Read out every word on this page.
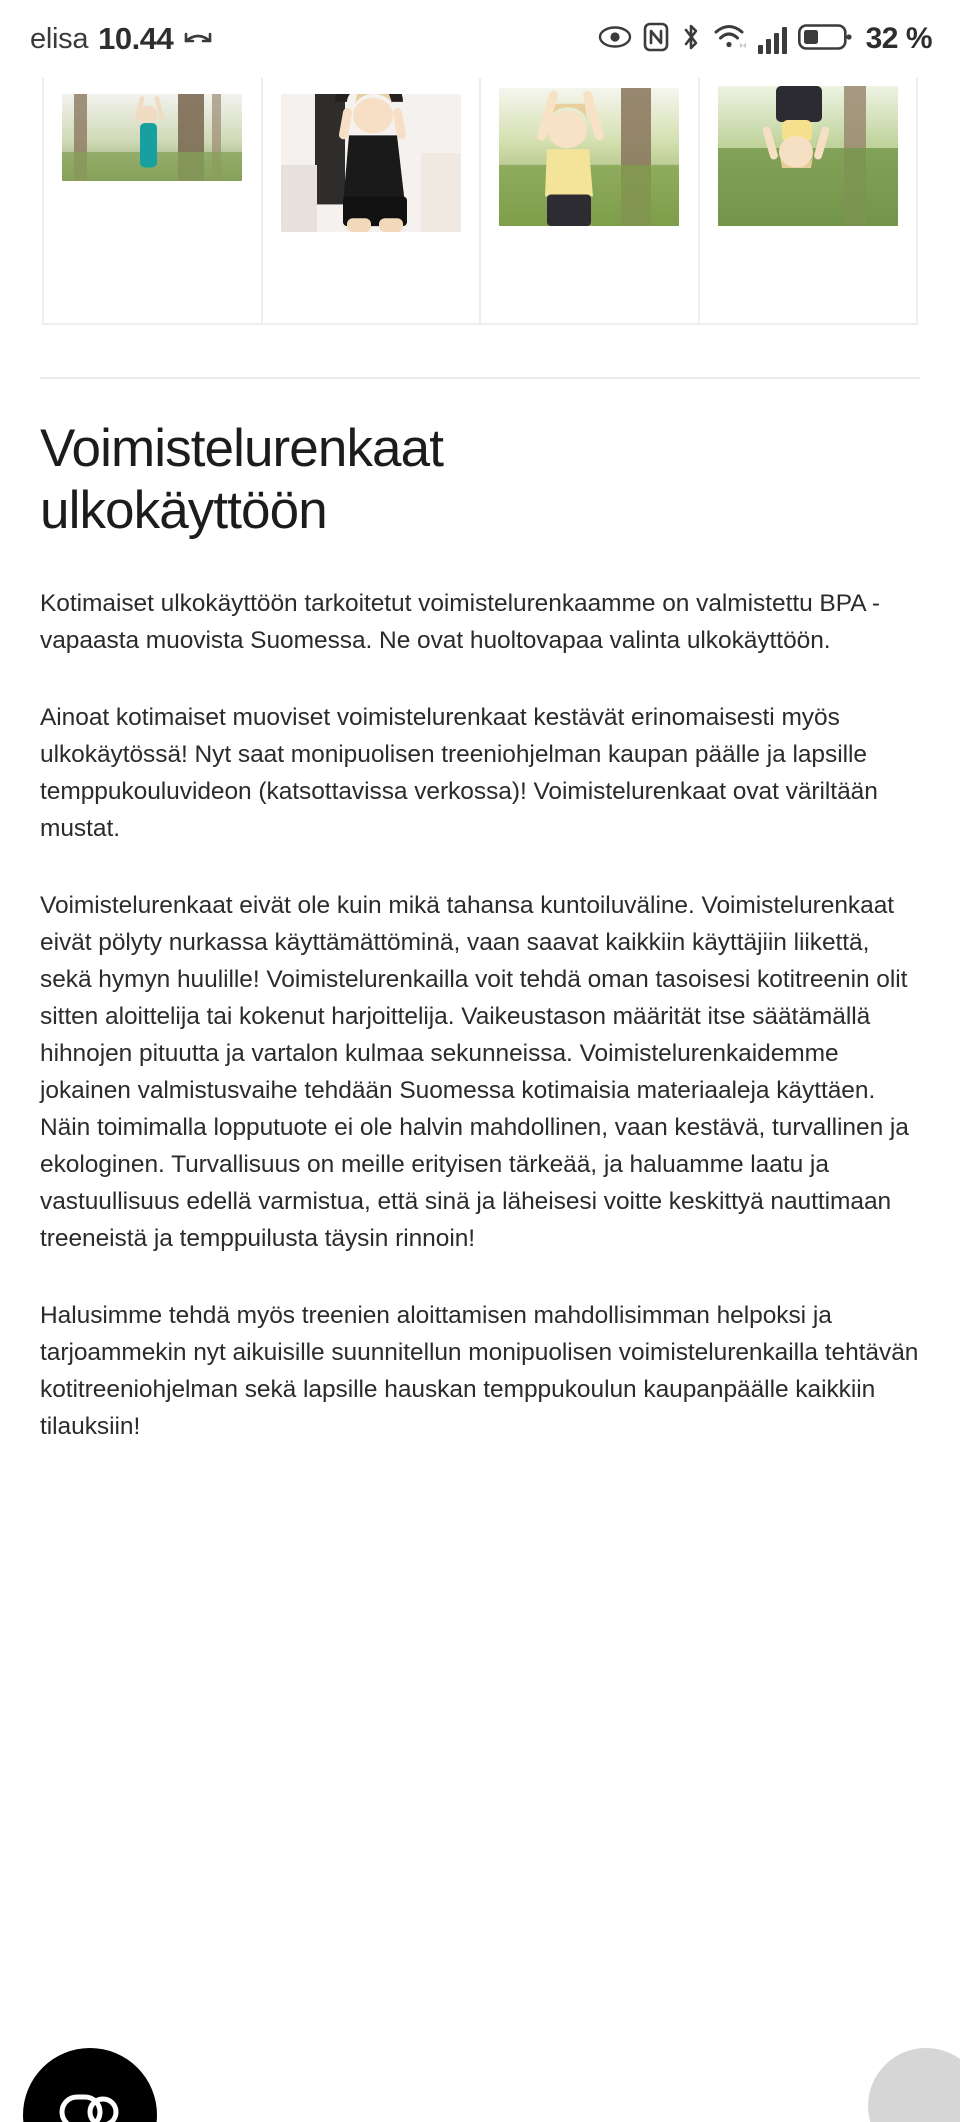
elisa 10.44	32 %
Voimistelurenkaat ulkokäyttöön

Kotimaiset ulkokäyttöön tarkoitetut voimistelurenkaamme on valmistettu BPA -vapaasta muovista Suomessa. Ne ovat huoltovapaa valinta ulkokäyttöön.

Ainoat kotimaiset muoviset voimistelurenkaat kestävät erinomaisesti myös ulkokäytössä! Nyt saat monipuolisen treeniohjelman kaupan päälle ja lapsille temppukouluvideon (katsottavissa verkossa)! Voimistelurenkaat ovat väriltään mustat.

Voimistelurenkaat eivät ole kuin mikä tahansa kuntoiluväline. Voimistelurenkaat eivät pölyty nurkassa käyttämättöminä, vaan saavat kaikkiin käyttäjiin liikettä, sekä hymyn huulille! Voimistelurenkailla voit tehdä oman tasoisesi kotitreenin olit sitten aloittelija tai kokenut harjoittelija. Vaikeustason määrität itse säätämällä hihnojen pituutta ja vartalon kulmaa sekunneissa. Voimistelurenkaidemme jokainen valmistusvaihe tehdään Suomessa kotimaisia materiaaleja käyttäen. Näin toimimalla lopputuote ei ole halvin mahdollinen, vaan kestävä, turvallinen ja ekologinen. Turvallisuus on meille erityisen tärkeää, ja haluamme laatu ja vastuullisuus edellä varmistua, että sinä ja läheisesi voitte keskittyä nauttimaan treeneistä ja temppuilusta täysin rinnoin!

Halusimme tehdä myös treenien aloittamisen mahdollisimman helpoksi ja tarjoammekin nyt aikuisille suunnitellun monipuolisen voimistelurenkailla tehtävän kotitreeniohjelman sekä lapsille hauskan temppukoulun kaupanpäälle kaikkiin tilauksiin!
